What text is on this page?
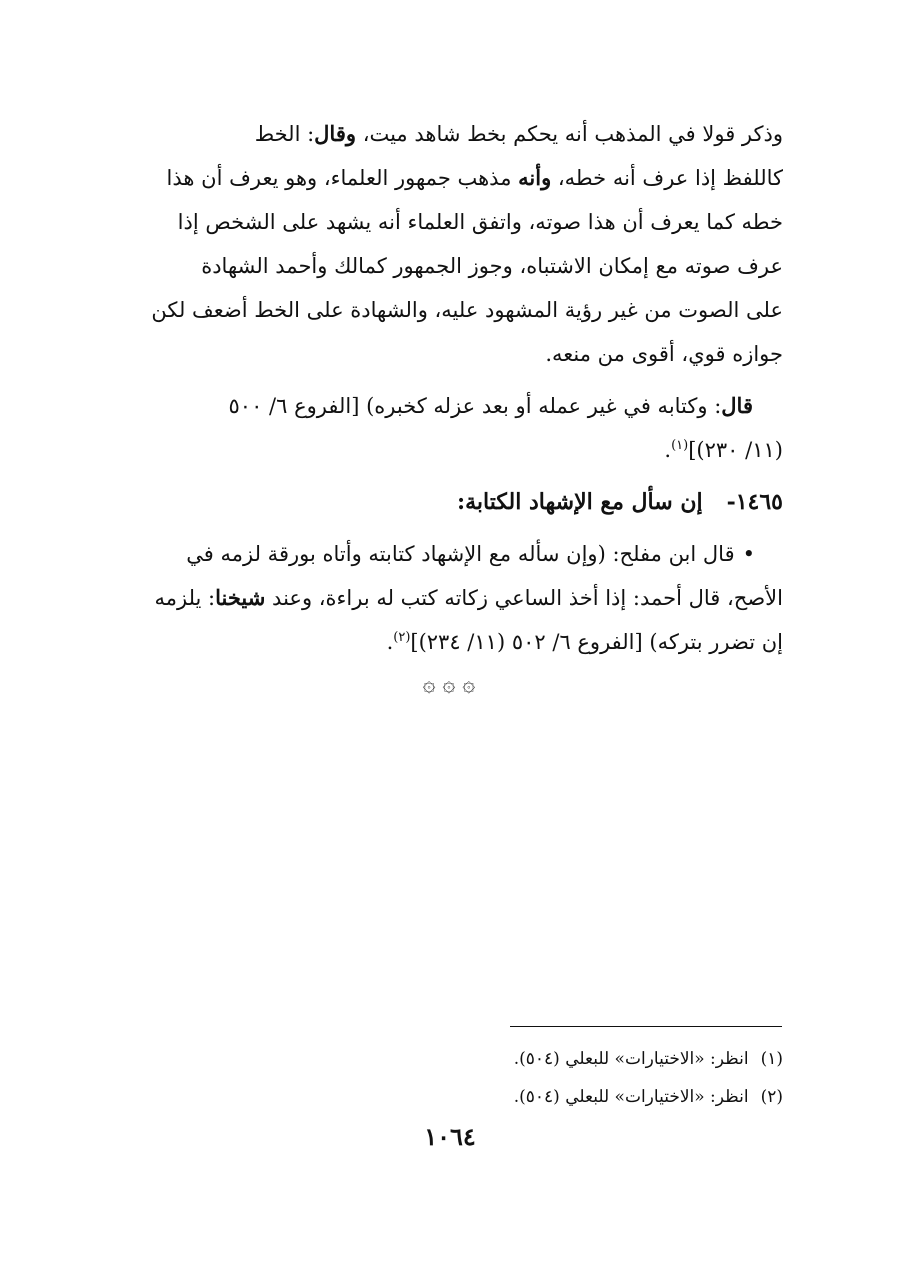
وذكر قولا في المذهب أنه يحكم بخط شاهد ميت، وقال: الخط
كاللفظ إذا عرف أنه خطه، وأنه مذهب جمهور العلماء، وهو يعرف أن هذا
خطه كما يعرف أن هذا صوته، واتفق العلماء أنه يشهد على الشخص إذا
عرف صوته مع إمكان الاشتباه، وجوز الجمهور كمالك وأحمد الشهادة
على الصوت من غير رؤية المشهود عليه، والشهادة على الخط أضعف لكن
جوازه قوي، أقوى من منعه.

قال: وكتابه في غير عمله أو بعد عزله كخبره) [الفروع ٦/ ٥٠٠
(١١/ ٢٣٠)]$^{(١)}$.

١٤٦٥-إن سأل مع الإشهاد الكتابة:

•قال ابن مفلح: (وإن سأله مع الإشهاد كتابته وأتاه بورقة لزمه في
الأصح، قال أحمد: إذا أخذ الساعي زكاته كتب له براءة، وعند شيخنا: يلزمه
إن تضرر بتركه) [الفروع ٦/ ٥٠٢ (١١/ ٢٣٤)]$^{(٢)}$.

۞ ۞ ۞
(١)انظر: «الاختيارات» للبعلي (٥٠٤).
(٢)انظر: «الاختيارات» للبعلي (٥٠٤).
١٠٦٤
